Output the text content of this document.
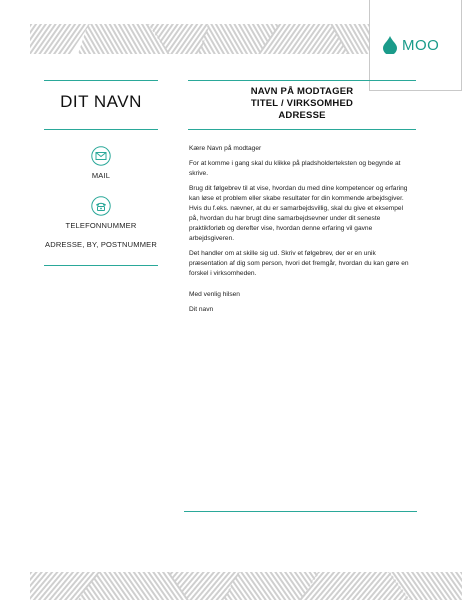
MOO
DIT NAVN
MAIL
TELEFONNUMMER
ADRESSE, BY, POSTNUMMER
NAVN PÅ MODTAGER
TITEL / VIRKSOMHED
ADRESSE

Kære Navn på modtager

For at komme i gang skal du klikke på pladsholderteksten og begynde at skrive.

Brug dit følgebrev til at vise, hvordan du med dine kompetencer og erfaring kan løse et problem eller skabe resultater for din kommende arbejdsgiver. Hvis du f.eks. nævner, at du er samarbejdsvillig, skal du give et eksempel på, hvordan du har brugt dine samarbejdsevner under dit seneste praktikforløb og derefter vise, hvordan denne erfaring vil gavne arbejdsgiveren.

Det handler om at skille sig ud. Skriv et følgebrev, der er en unik præsentation af dig som person, hvori det fremgår, hvordan du kan gøre en forskel i virksomheden.

Med venlig hilsen
Dit navn
